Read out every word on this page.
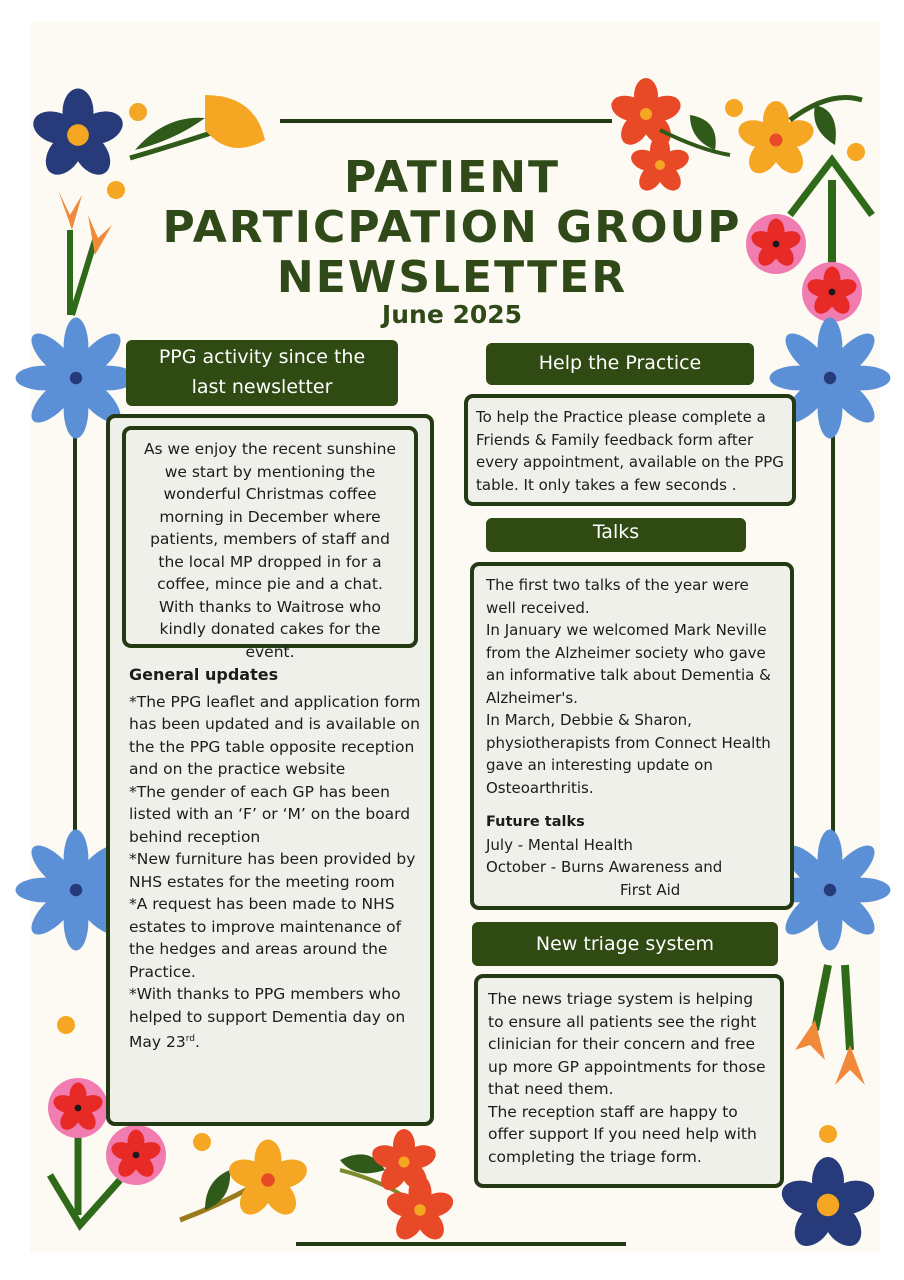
PATIENT
PARTICPATION GROUP
NEWSLETTER
June 2025
PPG activity since the
last newsletter
As we enjoy the recent sunshine we start by mentioning the wonderful Christmas coffee morning in December where patients, members of staff and the local MP dropped in for a coffee, mince pie and a chat. With thanks to Waitrose who kindly donated cakes for the event.
General updates
*The PPG leaflet and application form has been updated and is available on the the PPG table opposite reception and on the practice website
*The gender of each GP has been listed with an ‘F’ or ‘M’ on the board behind reception
*New furniture has been provided by NHS estates for the meeting room
*A request has been made to NHS estates to improve maintenance of the hedges and areas around the Practice.
*With thanks to PPG members who helped to support Dementia day on May 23rd.
Help the Practice
To help the Practice please complete a Friends & Family feedback form after every appointment, available on the PPG table. It only takes a few seconds .
Talks
The first two talks of the year were well received.
In January we welcomed Mark Neville from the Alzheimer society who gave an informative talk about Dementia & Alzheimer's.
In March, Debbie & Sharon, physiotherapists from Connect Health gave an interesting update on Osteoarthritis.
Future talks
July - Mental Health
October - Burns Awareness and
First Aid
New triage system
The news triage system is helping to ensure all patients see the right clinician for their concern and free up more GP appointments for those that need them.
The reception staff are happy to offer support If you need help with completing the triage form.
